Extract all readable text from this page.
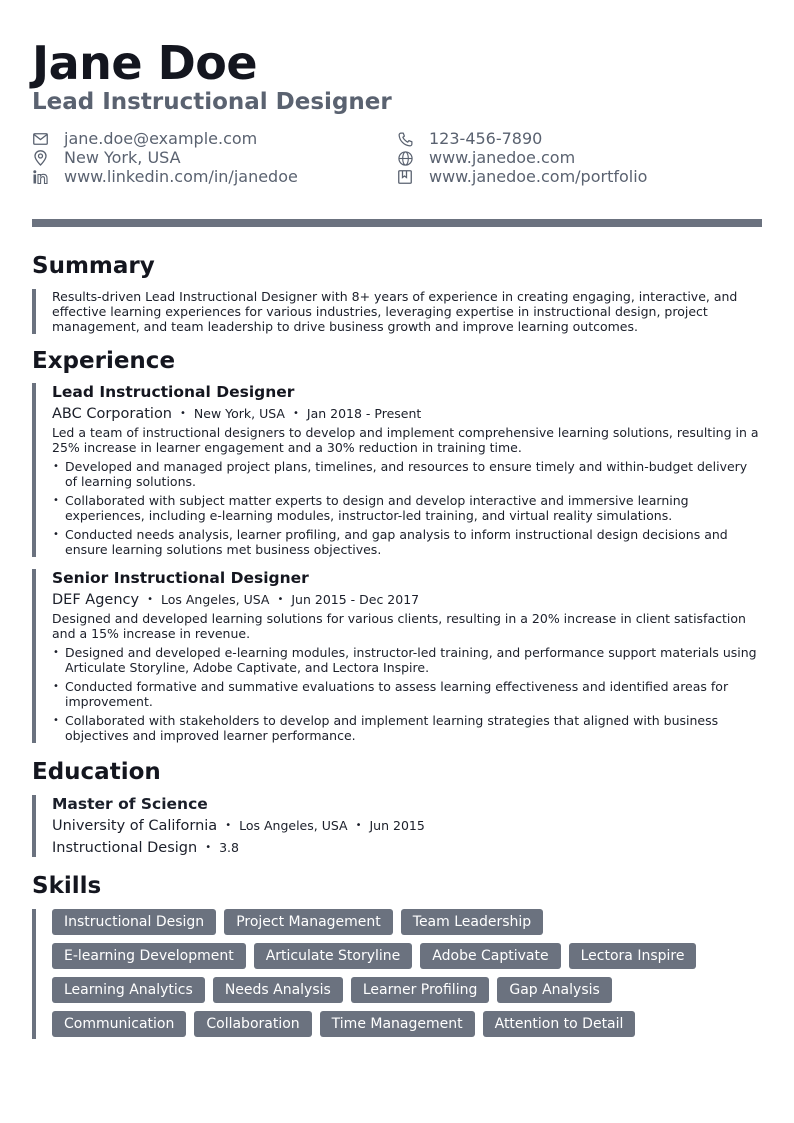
Jane Doe
Lead Instructional Designer
jane.doe@example.com	123-456-7890
New York, USA	www.janedoe.com
www.linkedin.com/in/janedoe	www.janedoe.com/portfolio
Summary
Results-driven Lead Instructional Designer with 8+ years of experience in creating engaging, interactive, and effective learning experiences for various industries, leveraging expertise in instructional design, project management, and team leadership to drive business growth and improve learning outcomes.
Experience
Lead Instructional Designer
ABC Corporation • New York, USA • Jan 2018 - Present
Led a team of instructional designers to develop and implement comprehensive learning solutions, resulting in a 25% increase in learner engagement and a 30% reduction in training time.
• Developed and managed project plans, timelines, and resources to ensure timely and within-budget delivery of learning solutions.
• Collaborated with subject matter experts to design and develop interactive and immersive learning experiences, including e-learning modules, instructor-led training, and virtual reality simulations.
• Conducted needs analysis, learner profiling, and gap analysis to inform instructional design decisions and ensure learning solutions met business objectives.
Senior Instructional Designer
DEF Agency • Los Angeles, USA • Jun 2015 - Dec 2017
Designed and developed learning solutions for various clients, resulting in a 20% increase in client satisfaction and a 15% increase in revenue.
• Designed and developed e-learning modules, instructor-led training, and performance support materials using Articulate Storyline, Adobe Captivate, and Lectora Inspire.
• Conducted formative and summative evaluations to assess learning effectiveness and identified areas for improvement.
• Collaborated with stakeholders to develop and implement learning strategies that aligned with business objectives and improved learner performance.
Education
Master of Science
University of California • Los Angeles, USA • Jun 2015
Instructional Design • 3.8
Skills
Instructional Design	Project Management	Team Leadership
E-learning Development	Articulate Storyline	Adobe Captivate	Lectora Inspire
Learning Analytics	Needs Analysis	Learner Profiling	Gap Analysis
Communication	Collaboration	Time Management	Attention to Detail
